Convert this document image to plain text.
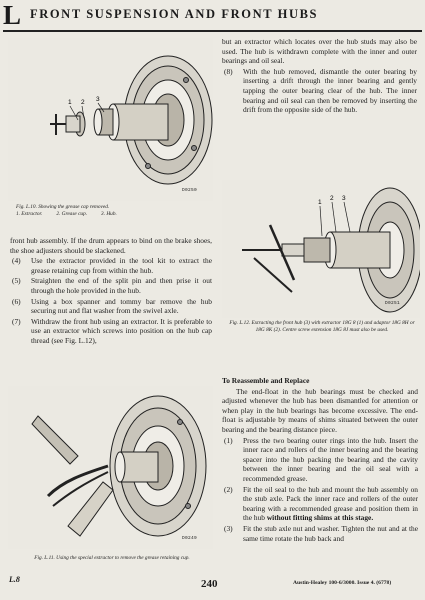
L FRONT SUSPENSION AND FRONT HUBS
1 2 3
D0250
Fig. L.10. Showing the grease cap removed.
1. Extractor.	2. Grease cup.	3. Hub.
front hub assembly. If the drum appears to bind on the brake shoes, the shoe adjusters should be slackened.
(4) Use the extractor provided in the tool kit to extract the grease retaining cup from within the hub.
(5) Straighten the end of the split pin and then prise it out through the hole provided in the hub.
(6) Using a box spanner and tommy bar remove the hub securing nut and flat washer from the swivel axle.
(7) Withdraw the front hub using an extractor. It is preferable to use an extractor which screws into position on the hub cap thread (see Fig. L.12),
D0249
Fig. L.11. Using the special extractor to remove the grease retaining cup.
but an extractor which locates over the hub studs may also be used. The hub is withdrawn complete with the inner and outer bearings and oil seal.
(8) With the hub removed, dismantle the outer bearing by inserting a drift through the inner bearing and gently tapping the outer bearing clear of the hub. The inner bearing and oil seal can then be removed by inserting the drift from the opposite side of the hub.
1
2 3
D0251
Fig. L.12. Extracting the front hub (3) with extractor 18G 8 (1) and adaptor 18G 8H or 18G 8K (2). Centre screw extension 18G 8J must also be used.
To Reassemble and Replace
The end-float in the hub bearings must be checked and adjusted whenever the hub has been dismantled for attention or when play in the hub bearings has become excessive. The end-float is adjustable by means of shims situated between the outer bearing and the bearing distance piece.
(1) Press the two bearing outer rings into the hub. Insert the inner race and rollers of the inner bearing and the bearing spacer into the hub packing the bearing and the cavity between the inner bearing and the oil seal with a recommended grease.
(2) Fit the oil seal to the hub and mount the hub assembly on the stub axle. Pack the inner race and rollers of the outer bearing with a recommended grease and position them in the hub without fitting shims at this stage.
(3) Fit the stub axle nut and washer. Tighten the nut and at the same time rotate the hub back and
L.8	240	Austin-Healey 100-6/3000. Issue 4. (6778)
